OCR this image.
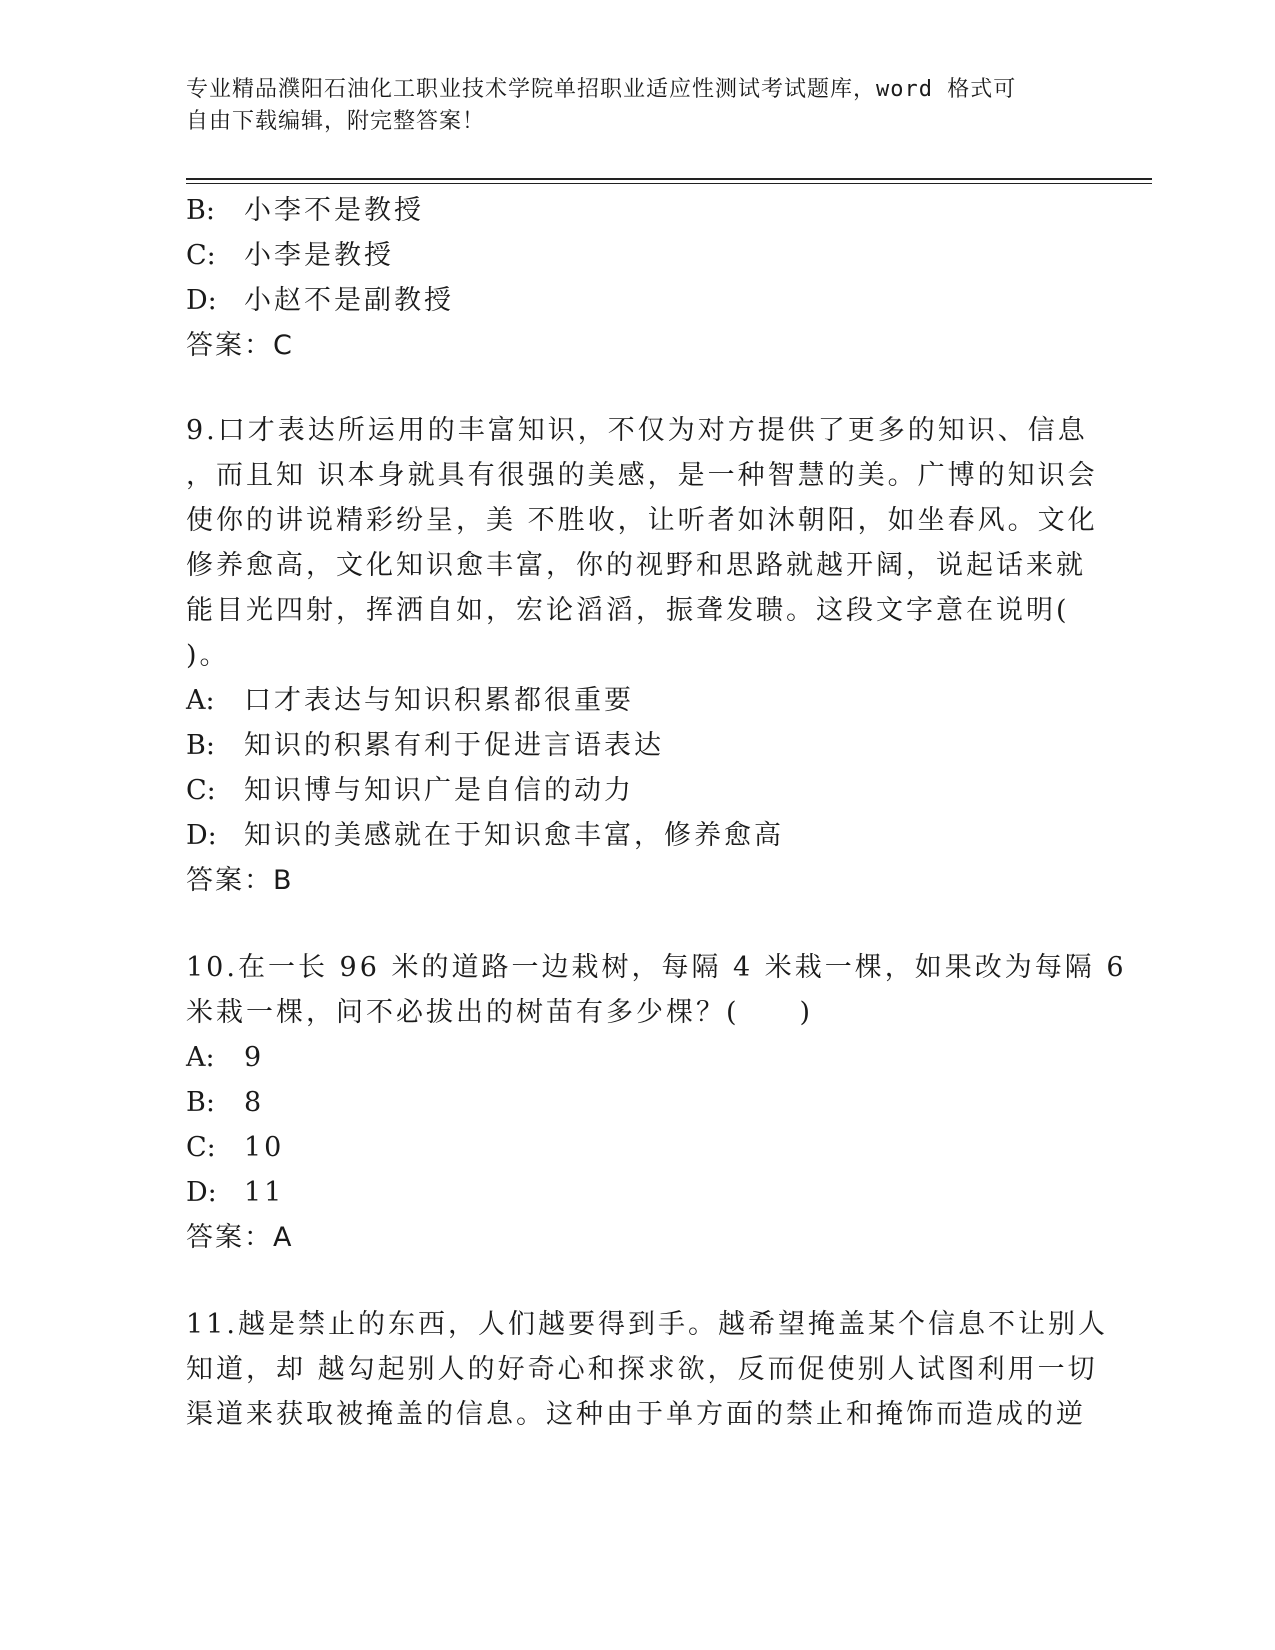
专业精品濮阳石油化工职业技术学院单招职业适应性测试考试题库，word 格式可
自由下载编辑，附完整答案！
B:	小李不是教授
C:	小李是教授
D:	小赵不是副教授
答案：C
9.口才表达所运用的丰富知识，不仅为对方提供了更多的知识、信息
，而且知 识本身就具有很强的美感，是一种智慧的美。广博的知识会
使你的讲说精彩纷呈，美 不胜收，让听者如沐朝阳，如坐春风。文化
修养愈高，文化知识愈丰富，你的视野和思路就越开阔，说起话来就
能目光四射，挥洒自如，宏论滔滔，振聋发聩。这段文字意在说明(
)。
A:	口才表达与知识积累都很重要
B:	知识的积累有利于促进言语表达
C:	知识博与知识广是自信的动力
D:	知识的美感就在于知识愈丰富，修养愈高
答案：B
10.在一长 96 米的道路一边栽树，每隔 4 米栽一棵，如果改为每隔 6
米栽一棵，问不必拔出的树苗有多少棵？(　　)
A:	9
B:	8
C:	10
D:	11
答案：A
11.越是禁止的东西，人们越要得到手。越希望掩盖某个信息不让别人
知道，却 越勾起别人的好奇心和探求欲，反而促使别人试图利用一切
渠道来获取被掩盖的信息。这种由于单方面的禁止和掩饰而造成的逆
